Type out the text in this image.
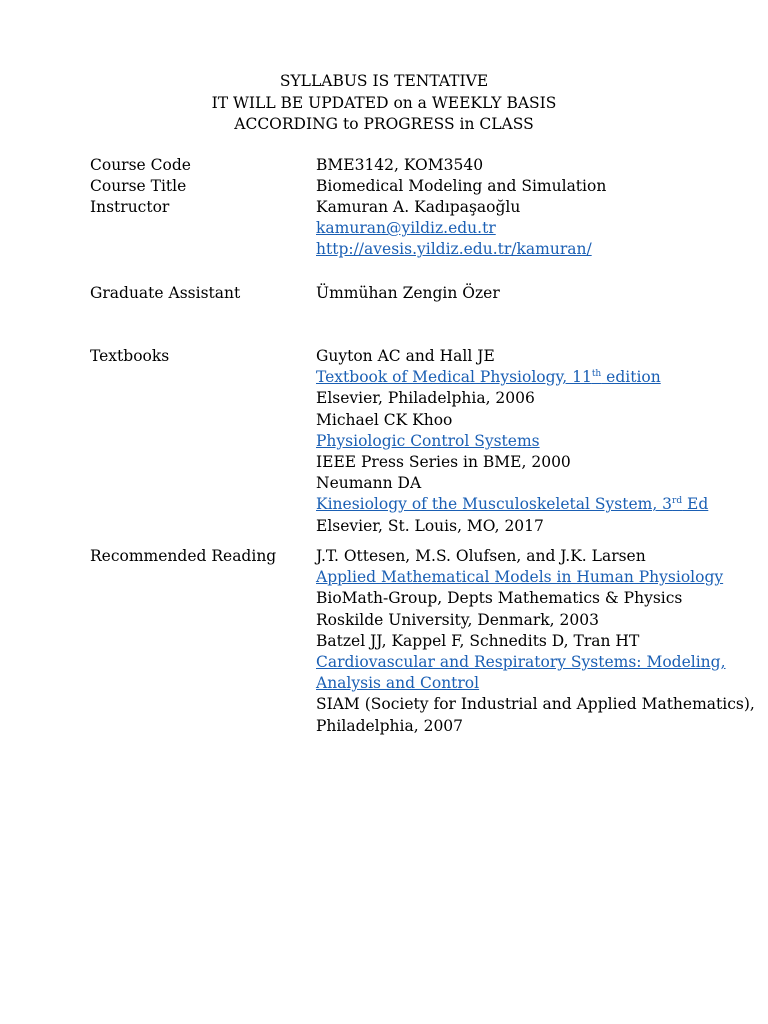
SYLLABUS IS TENTATIVE
IT WILL BE UPDATED on a WEEKLY BASIS
ACCORDING to PROGRESS in CLASS
Course Code	BME3142, KOM3540
Course Title	Biomedical Modeling and Simulation
Instructor	Kamuran A. Kadıpaşaoğlu
kamuran@yildiz.edu.tr
http://avesis.yildiz.edu.tr/kamuran/
Graduate Assistant	Ümmühan Zengin Özer
Textbooks	Guyton AC and Hall JE
Textbook of Medical Physiology, 11th edition
Elsevier, Philadelphia, 2006
Michael CK Khoo
Physiologic Control Systems
IEEE Press Series in BME, 2000
Neumann DA
Kinesiology of the Musculoskeletal System, 3rd Ed
Elsevier, St. Louis, MO, 2017
Recommended Reading	J.T. Ottesen, M.S. Olufsen, and J.K. Larsen
Applied Mathematical Models in Human Physiology
BioMath-Group, Depts Mathematics & Physics
Roskilde University, Denmark, 2003
Batzel JJ, Kappel F, Schnedits D, Tran HT
Cardiovascular and Respiratory Systems: Modeling,
Analysis and Control
SIAM (Society for Industrial and Applied Mathematics),
Philadelphia, 2007
